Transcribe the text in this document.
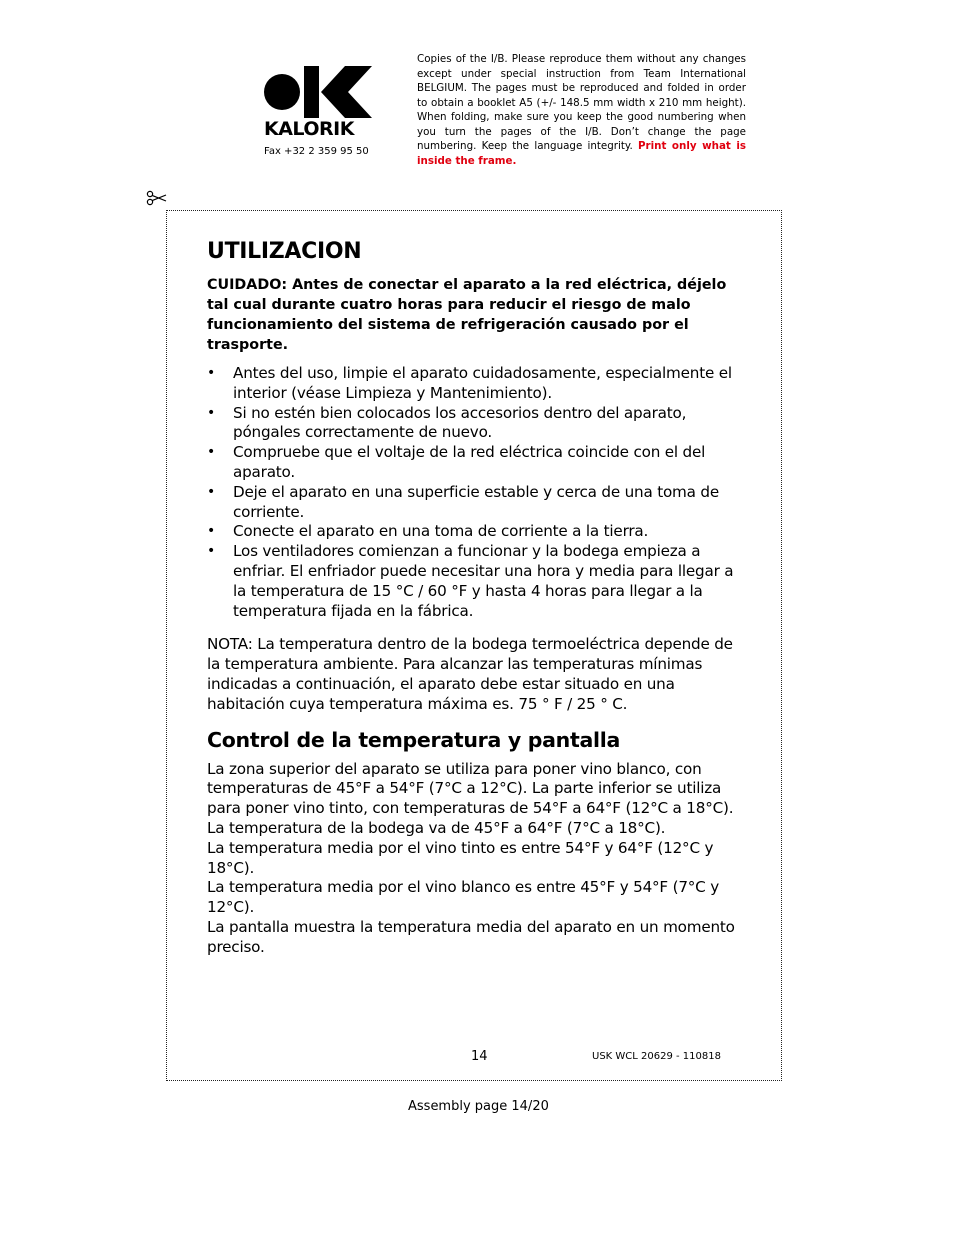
KALORIK
Fax +32 2 359 95 50
Copies of the I/B. Please reproduce them without any changes except under special instruction from Team International BELGIUM. The pages must be reproduced and folded in order to obtain a booklet A5 (+/- 148.5 mm width x 210 mm height). When folding, make sure you keep the good numbering when you turn the pages of the I/B. Don’t change the page numbering. Keep the language integrity. Print only what is inside the frame.
UTILIZACION

CUIDADO: Antes de conectar el aparato a la red eléctrica, déjelo tal cual durante cuatro horas para reducir el riesgo de malo funcionamiento del sistema de refrigeración causado por el trasporte.

• Antes del uso, limpie el aparato cuidadosamente, especialmente el interior (véase Limpieza y Mantenimiento).
• Si no estén bien colocados los accesorios dentro del aparato, póngales correctamente de nuevo.
• Compruebe que el voltaje de la red eléctrica coincide con el del aparato.
• Deje el aparato en una superficie estable y cerca de una toma de corriente.
• Conecte el aparato en una toma de corriente a la tierra.
• Los ventiladores comienzan a funcionar y la bodega empieza a enfriar. El enfriador puede necesitar una hora y media para llegar a la temperatura de 15 °C / 60 °F y hasta 4 horas para llegar a la temperatura fijada en la fábrica.

NOTA: La temperatura dentro de la bodega termoeléctrica depende de la temperatura ambiente. Para alcanzar las temperaturas mínimas indicadas a continuación, el aparato debe estar situado en una habitación cuya temperatura máxima es. 75 ° F / 25 ° C.

Control de la temperatura y pantalla

La zona superior del aparato se utiliza para poner vino blanco, con temperaturas de 45°F a 54°F (7°C a 12°C). La parte inferior se utiliza para poner vino tinto, con temperaturas de 54°F a 64°F (12°C a 18°C).

La temperatura de la bodega va de 45°F a 64°F (7°C a 18°C).

La temperatura media por el vino tinto es entre 54°F y 64°F (12°C y 18°C).

La temperatura media por el vino blanco es entre 45°F y 54°F (7°C y 12°C).

La pantalla muestra la temperatura media del aparato en un momento preciso.

14	USK WCL 20629 - 110818
Assembly page 14/20
